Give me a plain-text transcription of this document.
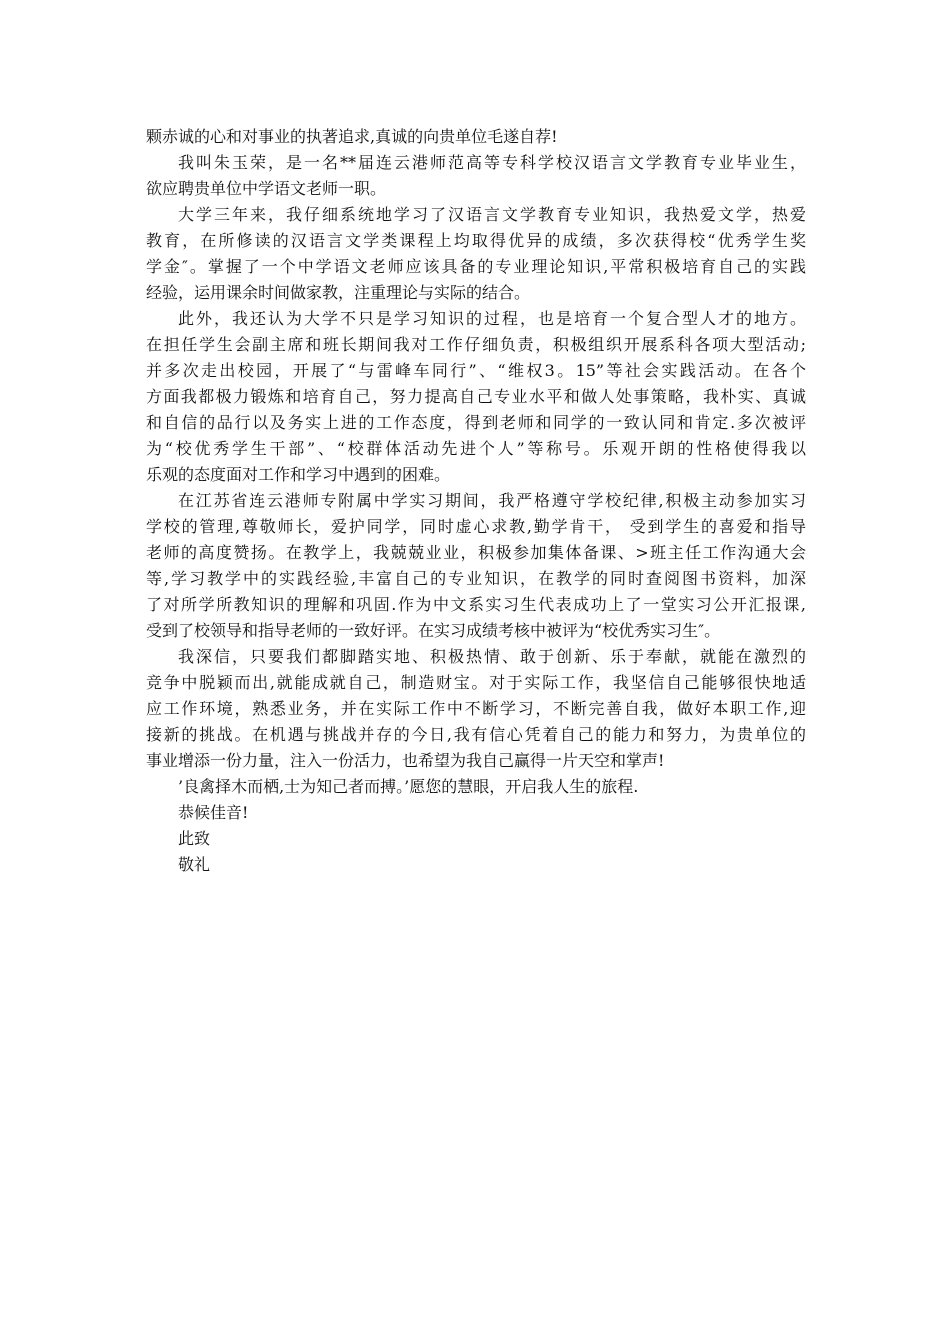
颗赤诚的心和对事业的执著追求,真诚的向贵单位毛遂自荐!
我叫朱玉荣，是一名**届连云港师范高等专科学校汉语言文学教育专业毕业生，
欲应聘贵单位中学语文老师一职。
大学三年来，我仔细系统地学习了汉语言文学教育专业知识，我热爱文学，热爱
教育，在所修读的汉语言文学类课程上均取得优异的成绩，多次获得校“优秀学生奖
学金″。掌握了一个中学语文老师应该具备的专业理论知识,平常积极培育自己的实践
经验，运用课余时间做家教，注重理论与实际的结合。
此外，我还认为大学不只是学习知识的过程，也是培育一个复合型人才的地方。
在担任学生会副主席和班长期间我对工作仔细负责，积极组织开展系科各项大型活动;
并多次走出校园，开展了“与雷峰车同行”、“维权3。15”等社会实践活动。在各个
方面我都极力锻炼和培育自己，努力提高自己专业水平和做人处事策略，我朴实、真诚
和自信的品行以及务实上进的工作态度，得到老师和同学的一致认同和肯定.多次被评
为“校优秀学生干部”、“校群体活动先进个人”等称号。乐观开朗的性格使得我以
乐观的态度面对工作和学习中遇到的困难。
在江苏省连云港师专附属中学实习期间，我严格遵守学校纪律,积极主动参加实习
学校的管理,尊敬师长，爱护同学，同时虚心求教,勤学肯干， 受到学生的喜爱和指导
老师的高度赞扬。在教学上，我兢兢业业，积极参加集体备课、>班主任工作沟通大会
等,学习教学中的实践经验,丰富自己的专业知识，在教学的同时查阅图书资料，加深
了对所学所教知识的理解和巩固.作为中文系实习生代表成功上了一堂实习公开汇报课,
受到了校领导和指导老师的一致好评。在实习成绩考核中被评为“校优秀实习生″。
我深信，只要我们都脚踏实地、积极热情、敢于创新、乐于奉献，就能在激烈的
竞争中脱颖而出,就能成就自己，制造财宝。对于实际工作，我坚信自己能够很快地适
应工作环境，熟悉业务，并在实际工作中不断学习，不断完善自我，做好本职工作,迎
接新的挑战。在机遇与挑战并存的今日,我有信心凭着自己的能力和努力，为贵单位的
事业增添一份力量，注入一份活力，也希望为我自己赢得一片天空和掌声!
’良禽择木而栖,士为知己者而搏。’愿您的慧眼，开启我人生的旅程.
恭候佳音!
此致
敬礼
